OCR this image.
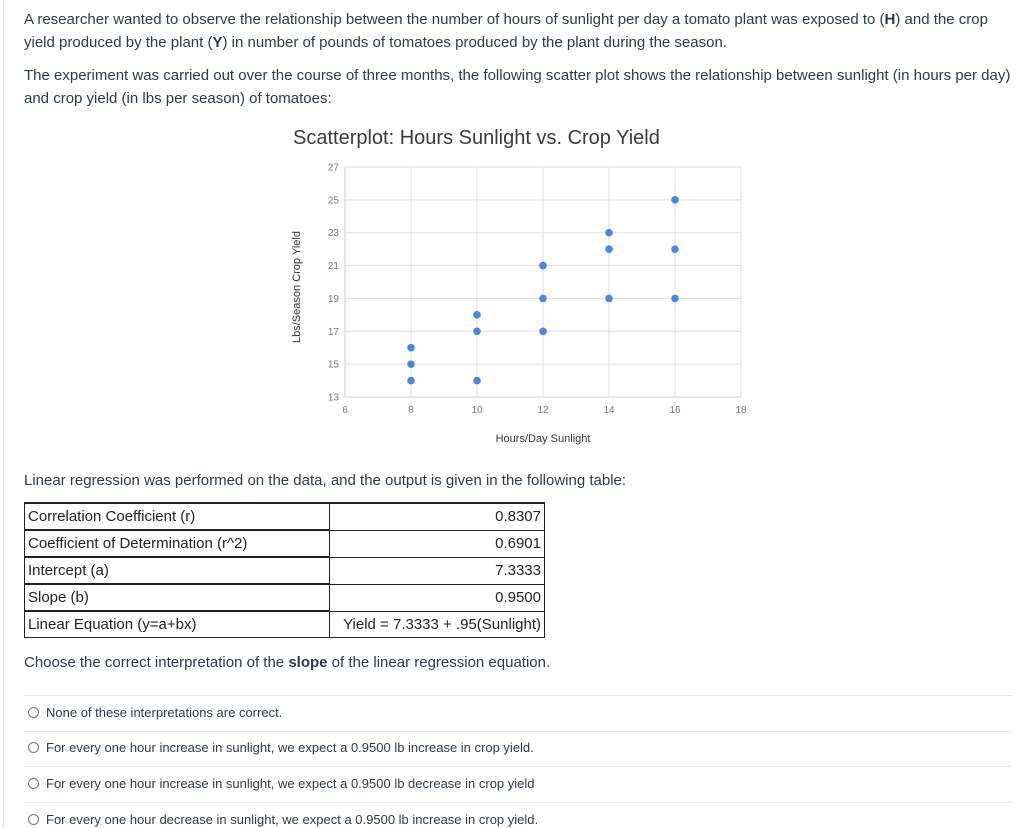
A researcher wanted to observe the relationship between the number of hours of sunlight per day a tomato plant was exposed to (H) and the crop yield produced by the plant (Y) in number of pounds of tomatoes produced by the plant during the season.

The experiment was carried out over the course of three months, the following scatter plot shows the relationship between sunlight (in hours per day) and crop yield (in lbs per season) of tomatoes:

Scatterplot: Hours Sunlight vs. Crop Yield
13
15
17
19
21
23
25
27
6	8	10	12	14	16	18
Lbs/Season Crop Yield
Hours/Day Sunlight

Linear regression was performed on the data, and the output is given in the following table:

Correlation Coefficient (r)	0.8307
Coefficient of Determination (r^2)	0.6901
Intercept (a)	7.3333
Slope (b)	0.9500
Linear Equation (y=a+bx)	Yield = 7.3333 + .95(Sunlight)

Choose the correct interpretation of the slope of the linear regression equation.

None of these interpretations are correct.
For every one hour increase in sunlight, we expect a 0.9500 lb increase in crop yield.
For every one hour increase in sunlight, we expect a 0.9500 lb decrease in crop yield
For every one hour decrease in sunlight, we expect a 0.9500 lb increase in crop yield.
